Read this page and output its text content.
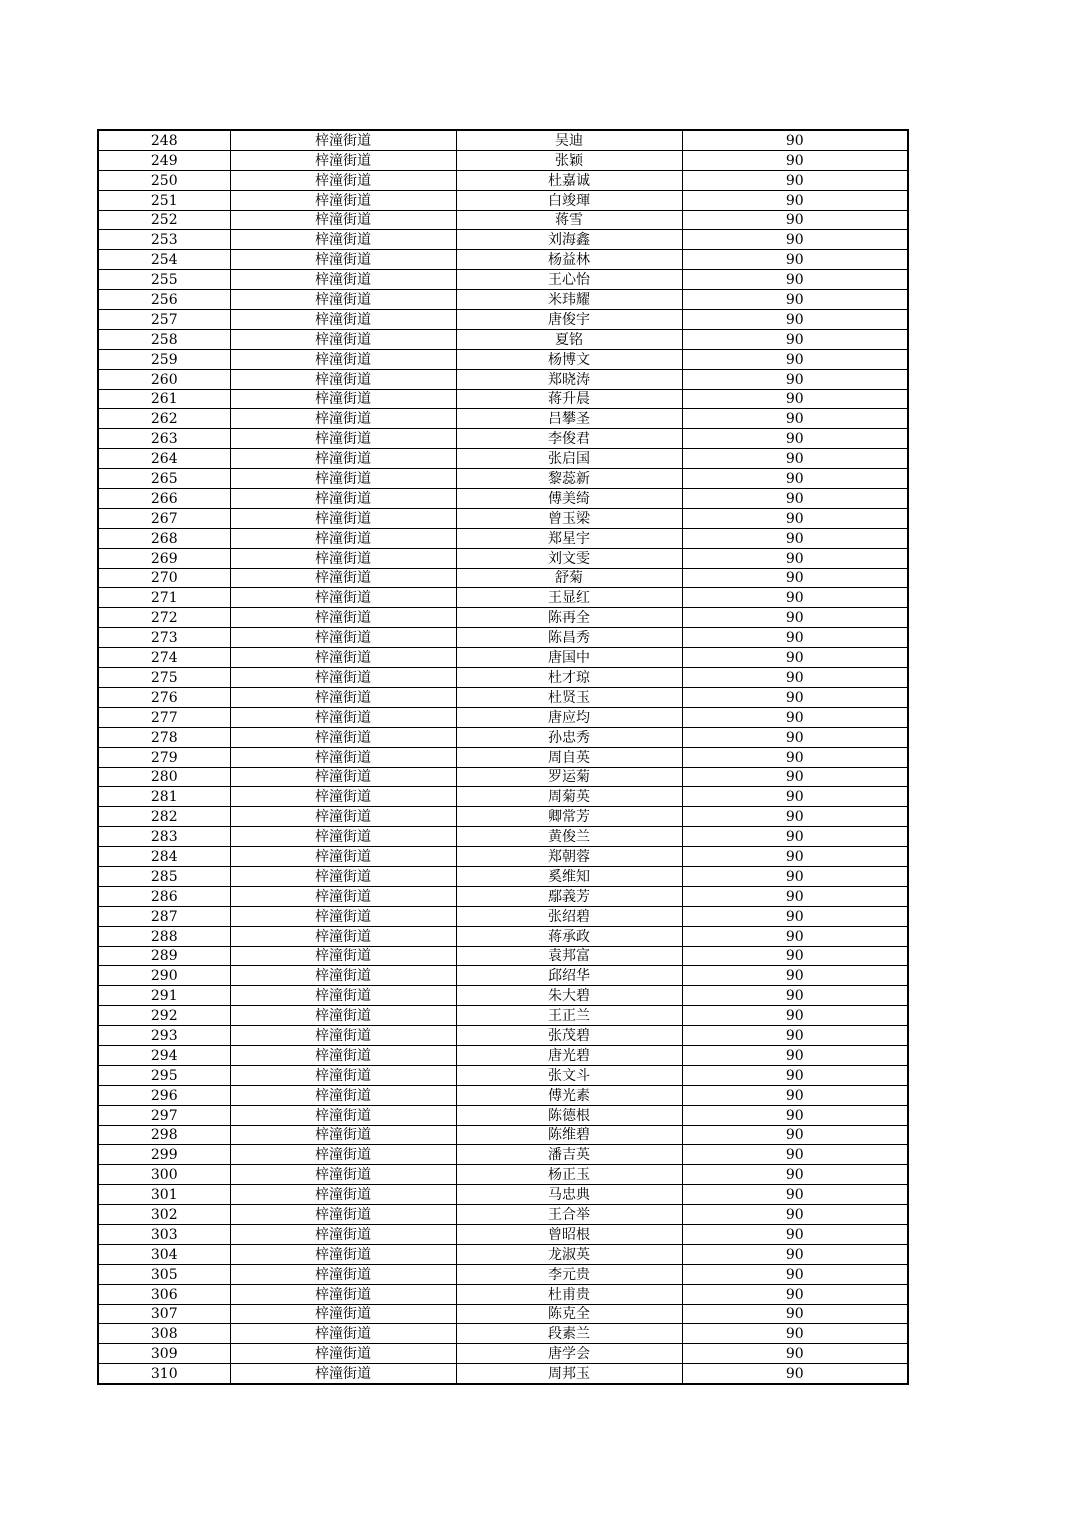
248	梓潼街道	吴迪	90
249	梓潼街道	张颖	90
250	梓潼街道	杜嘉诚	90
251	梓潼街道	白竣琿	90
252	梓潼街道	蒋雪	90
253	梓潼街道	刘海鑫	90
254	梓潼街道	杨益林	90
255	梓潼街道	王心怡	90
256	梓潼街道	米玮耀	90
257	梓潼街道	唐俊宇	90
258	梓潼街道	夏铭	90
259	梓潼街道	杨博文	90
260	梓潼街道	郑晓涛	90
261	梓潼街道	蒋升晨	90
262	梓潼街道	吕攀圣	90
263	梓潼街道	李俊君	90
264	梓潼街道	张启国	90
265	梓潼街道	黎蕊新	90
266	梓潼街道	傅美绮	90
267	梓潼街道	曾玉梁	90
268	梓潼街道	郑星宇	90
269	梓潼街道	刘文雯	90
270	梓潼街道	舒菊	90
271	梓潼街道	王显红	90
272	梓潼街道	陈再全	90
273	梓潼街道	陈昌秀	90
274	梓潼街道	唐国中	90
275	梓潼街道	杜才琼	90
276	梓潼街道	杜贤玉	90
277	梓潼街道	唐应均	90
278	梓潼街道	孙忠秀	90
279	梓潼街道	周自英	90
280	梓潼街道	罗运菊	90
281	梓潼街道	周菊英	90
282	梓潼街道	卿常芳	90
283	梓潼街道	黄俊兰	90
284	梓潼街道	郑朝蓉	90
285	梓潼街道	奚维知	90
286	梓潼街道	鄢義芳	90
287	梓潼街道	张绍碧	90
288	梓潼街道	蒋承政	90
289	梓潼街道	袁邦富	90
290	梓潼街道	邱绍华	90
291	梓潼街道	朱大碧	90
292	梓潼街道	王正兰	90
293	梓潼街道	张茂碧	90
294	梓潼街道	唐光碧	90
295	梓潼街道	张文斗	90
296	梓潼街道	傅光素	90
297	梓潼街道	陈德根	90
298	梓潼街道	陈维碧	90
299	梓潼街道	潘吉英	90
300	梓潼街道	杨正玉	90
301	梓潼街道	马忠典	90
302	梓潼街道	王合举	90
303	梓潼街道	曾昭根	90
304	梓潼街道	龙淑英	90
305	梓潼街道	李元贵	90
306	梓潼街道	杜甫贵	90
307	梓潼街道	陈克全	90
308	梓潼街道	段素兰	90
309	梓潼街道	唐学会	90
310	梓潼街道	周邦玉	90
